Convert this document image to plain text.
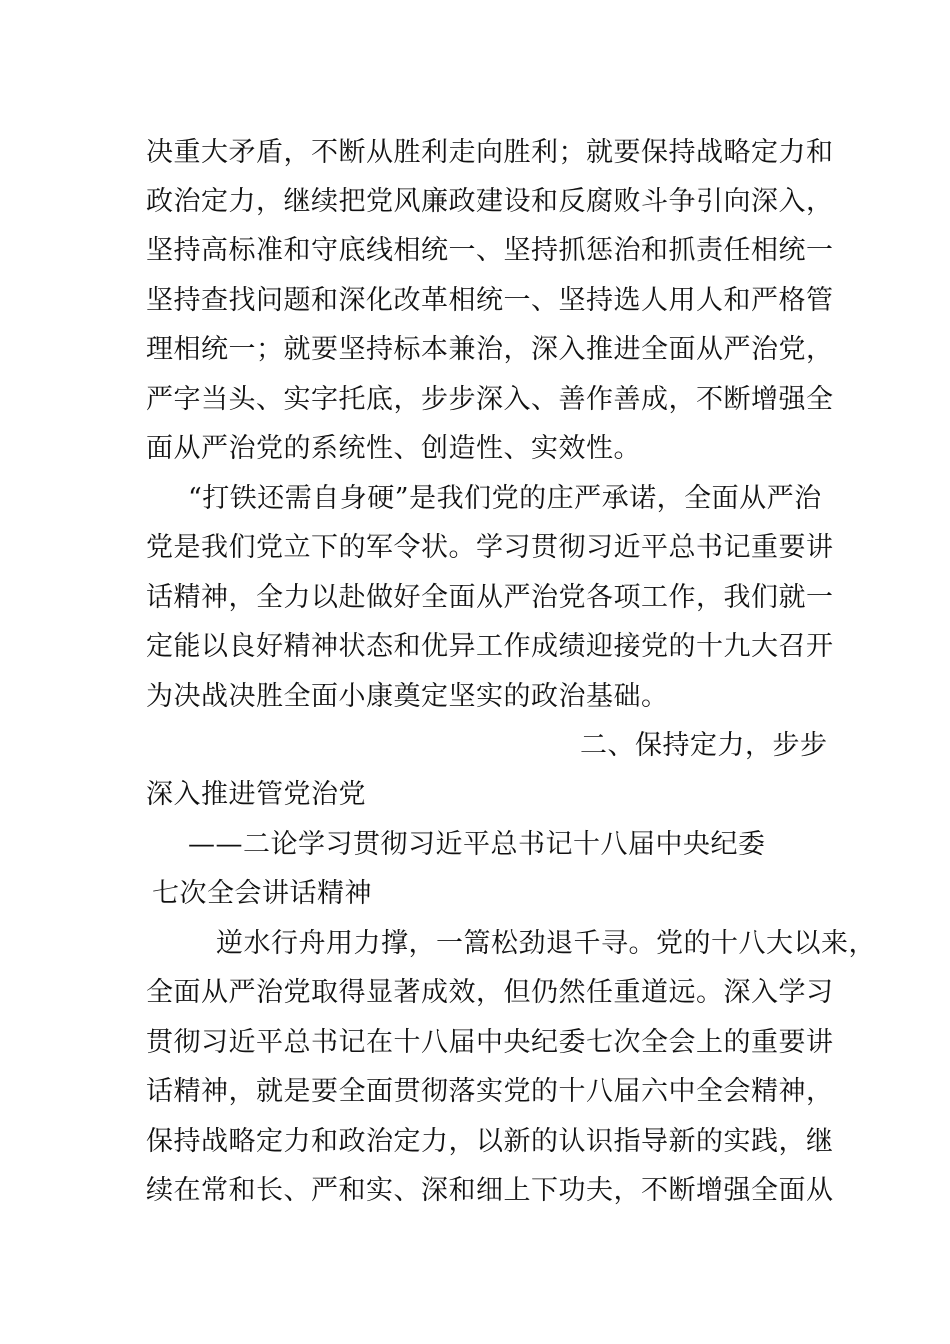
决重大矛盾，不断从胜利走向胜利；就要保持战略定力和
政治定力，继续把党风廉政建设和反腐败斗争引向深入，
坚持高标准和守底线相统一、坚持抓惩治和抓责任相统一
坚持查找问题和深化改革相统一、坚持选人用人和严格管
理相统一；就要坚持标本兼治，深入推进全面从严治党，
严字当头、实字托底，步步深入、善作善成，不断增强全
面从严治党的系统性、创造性、实效性。
“打铁还需自身硬”是我们党的庄严承诺，全面从严治
党是我们党立下的军令状。学习贯彻习近平总书记重要讲
话精神，全力以赴做好全面从严治党各项工作，我们就一
定能以良好精神状态和优异工作成绩迎接党的十九大召开
为决战决胜全面小康奠定坚实的政治基础。
二、保持定力，步步
深入推进管党治党
——二论学习贯彻习近平总书记十八届中央纪委
七次全会讲话精神
逆水行舟用力撑，一篙松劲退千寻。党的十八大以来，
全面从严治党取得显著成效，但仍然任重道远。深入学习
贯彻习近平总书记在十八届中央纪委七次全会上的重要讲
话精神，就是要全面贯彻落实党的十八届六中全会精神，
保持战略定力和政治定力，以新的认识指导新的实践，继
续在常和长、严和实、深和细上下功夫，不断增强全面从
